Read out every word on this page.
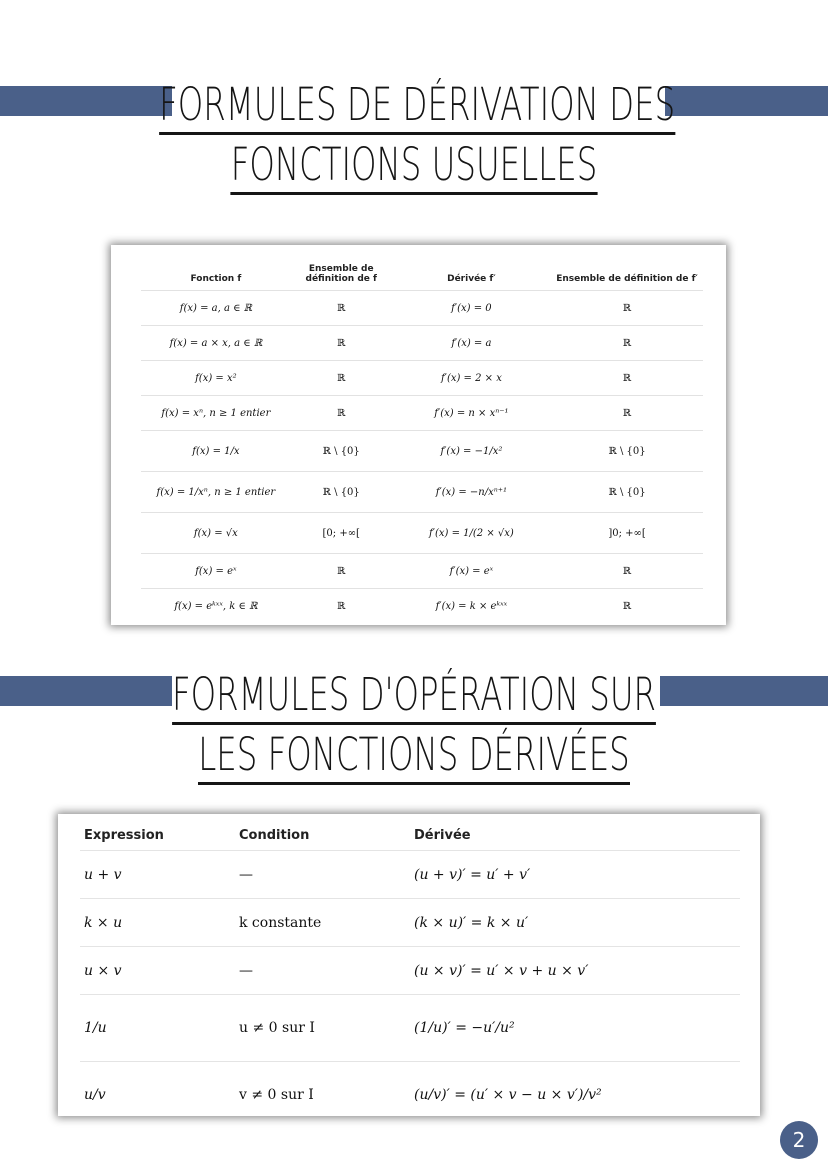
FORMULES DE DÉRIVATION DES
FONCTIONS USUELLES
Fonction f	Ensemble de définition de f	Dérivée f′	Ensemble de définition de f′
f(x) = a, a ∈ ℝ	ℝ	f′(x) = 0	ℝ
f(x) = a × x, a ∈ ℝ	ℝ	f′(x) = a	ℝ
f(x) = x²	ℝ	f′(x) = 2 × x	ℝ
f(x) = xⁿ, n ≥ 1 entier	ℝ	f′(x) = n × xⁿ⁻¹	ℝ
f(x) = 1/x	ℝ \ {0}	f′(x) = −1/x²	ℝ \ {0}
f(x) = 1/xⁿ, n ≥ 1 entier	ℝ \ {0}	f′(x) = −n/xⁿ⁺¹	ℝ \ {0}
f(x) = √x	[0; +∞[	f′(x) = 1/(2 × √x)	]0; +∞[
f(x) = eˣ	ℝ	f′(x) = eˣ	ℝ
f(x) = eᵏˣˣ, k ∈ ℝ	ℝ	f′(x) = k × eᵏˣˣ	ℝ
FORMULES D'OPÉRATION SUR
LES FONCTIONS DÉRIVÉES
Expression	Condition	Dérivée
u + v	—	(u + v)′ = u′ + v′
k × u	k constante	(k × u)′ = k × u′
u × v	—	(u × v)′ = u′ × v + u × v′
1/u	u ≠ 0 sur I	(1/u)′ = −u′/u²
u/v	v ≠ 0 sur I	(u/v)′ = (u′ × v − u × v′)/v²
2
